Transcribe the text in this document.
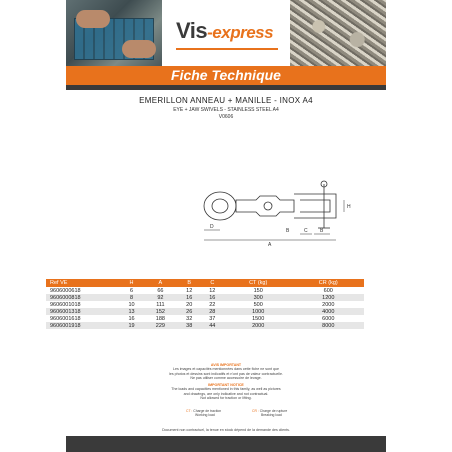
Vis-express
Fiche Technique
EMERILLON ANNEAU + MANILLE - INOX A4
EYE + JAW SWIVELS - STAINLESS STEEL A4
V0606
D
A
B	C B
H
Ref VE	H	A	B	C	CT (kg)	CR (kg)
9606000618	6	66	12	12	150	600
9606000818	8	92	16	16	300	1200
9606001018	10	111	20	22	500	2000
9606001318	13	152	26	28	1000	4000
9606001618	16	188	32	37	1500	6000
9606001918	19	229	38	44	2000	8000
AVIS IMPORTANT
Les images et capacités mentionnées dans cette fiche ne sont que
les photos et dessins sont indicatifs et n'ont pas de valeur contractuelle.
Ne pas utiliser comme accessoire de levage.
IMPORTANT NOTICE
The loads and capacities mentioned in this family, as well as pictures
and drawings, are only indicative and not contractual.
Not allowed for traction or lifting.
CT : Charge de traction
Working load
CR : Charge de rupture
Breaking load
Document non contractuel, la tenue en stock dépend de la demande des clients.
